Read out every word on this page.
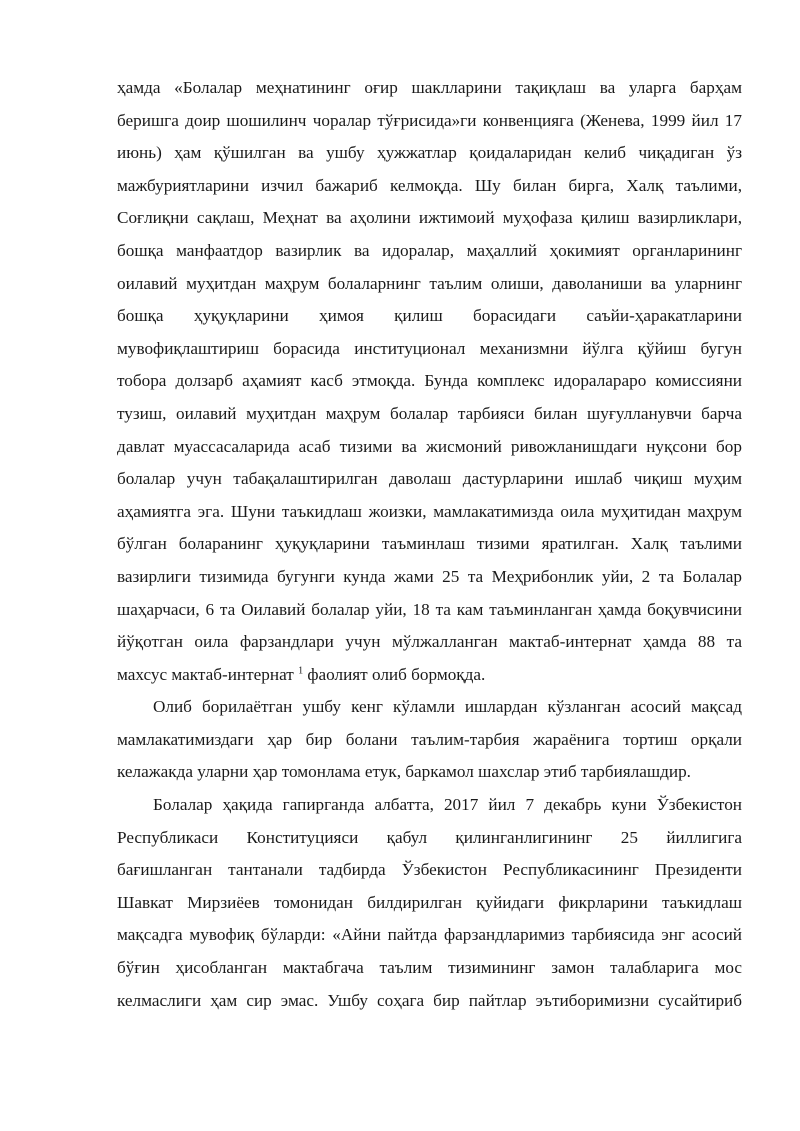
ҳамда «Болалар меҳнатининг оғир шаклларини тақиқлаш ва уларга барҳам
беришга доир шошилинч чоралар тўғрисида»ги конвенцияга (Женева, 1999 йил 17
июнь) ҳам қўшилган ва ушбу ҳужжатлар қоидаларидан келиб чиқадиган ўз
мажбуриятларини изчил бажариб келмоқда. Шу билан бирга, Халқ таълими,
Соғлиқни сақлаш, Меҳнат ва аҳолини ижтимоий муҳофаза қилиш вазирликлари,
бошқа манфаатдор вазирлик ва идоралар, маҳаллий ҳокимият органларининг
оилавий муҳитдан маҳрум болаларнинг таълим олиши, даволаниши ва уларнинг
бошқа ҳуқуқларини ҳимоя қилиш борасидаги саъйи-ҳаракатларини
мувофиқлаштириш борасида институционал механизмни йўлга қўйиш бугун
тобора долзарб аҳамият касб этмоқда. Бунда комплекс идоралараро комиссияни
тузиш, оилавий муҳитдан маҳрум болалар тарбияси билан шуғулланувчи барча
давлат муассасаларида асаб тизими ва жисмоний ривожланишдаги нуқсони бор
болалар учун табақалаштирилган даволаш дастурларини ишлаб чиқиш муҳим
аҳамиятга эга. Шуни таъкидлаш жоизки, мамлакатимизда оила муҳитидан маҳрум
бўлган боларанинг ҳуқуқларини таъминлаш тизими яратилган. Халқ таълими
вазирлиги тизимида бугунги кунда жами 25 та Меҳрибонлик уйи, 2 та Болалар
шаҳарчаси, 6 та Оилавий болалар уйи, 18 та кам таъминланган ҳамда боқувчисини
йўқотган оила фарзандлари учун мўлжалланган мактаб-интернат ҳамда 88 та
махсус мактаб-интернат $^1$ фаолият олиб бормоқда.
Олиб борилаётган ушбу кенг кўламли ишлардан кўзланган асосий мақсад
мамлакатимиздаги ҳар бир болани таълим-тарбия жараёнига тортиш орқали
келажакда уларни ҳар томонлама етук, баркамол шахслар этиб тарбиялашдир.
Болалар ҳақида гапирганда албатта, 2017 йил 7 декабрь куни Ўзбекистон
Республикаси Конституцияси қабул қилинганлигининг 25 йиллигига
бағишланган тантанали тадбирда Ўзбекистон Республикасининг Президенти
Шавкат Мирзиёев томонидан билдирилган қуйидаги фикрларини таъкидлаш
мақсадга мувофиқ бўларди: «Айни пайтда фарзандларимиз тарбиясида энг асосий
бўғин ҳисобланган мактабгача таълим тизимининг замон талабларига мос
келмаслиги ҳам сир эмас. Ушбу соҳага бир пайтлар эътиборимизни сусайтириб
